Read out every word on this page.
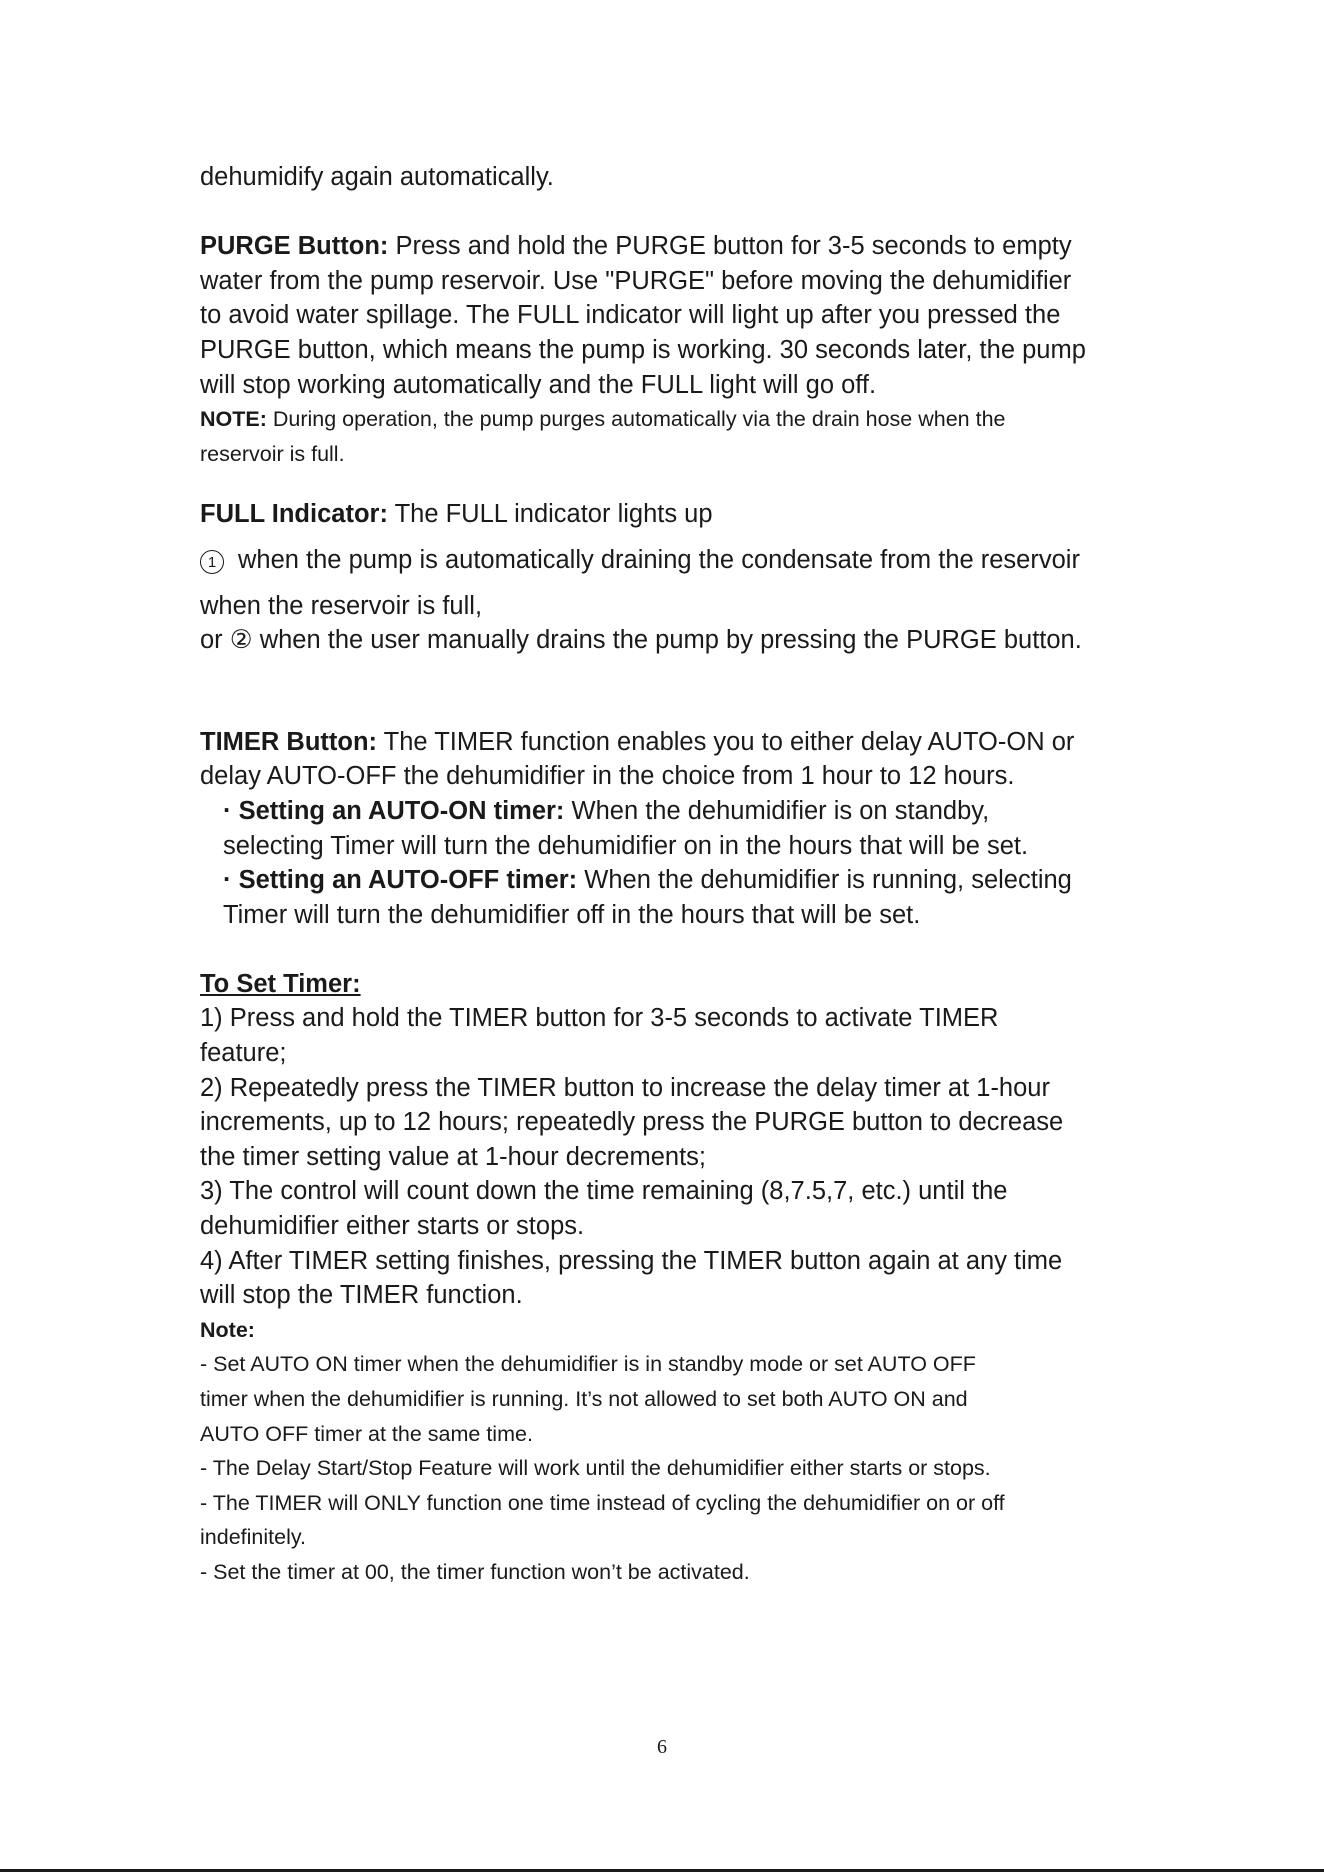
dehumidify again automatically.

PURGE Button: Press and hold the PURGE button for 3-5 seconds to empty

water from the pump reservoir. Use "PURGE" before moving the dehumidifier

to avoid water spillage. The FULL indicator will light up after you pressed the

PURGE button, which means the pump is working. 30 seconds later, the pump

will stop working automatically and the FULL light will go off.

NOTE: During operation, the pump purges automatically via the drain hose when the

reservoir is full.

FULL Indicator: The FULL indicator lights up

1 when the pump is automatically draining the condensate from the reservoir

when the reservoir is full,

or ② when the user manually drains the pump by pressing the PURGE button.

TIMER Button: The TIMER function enables you to either delay AUTO-ON or

delay AUTO-OFF the dehumidifier in the choice from 1 hour to 12 hours.

· Setting an AUTO-ON timer: When the dehumidifier is on standby,

selecting Timer will turn the dehumidifier on in the hours that will be set.

· Setting an AUTO-OFF timer: When the dehumidifier is running, selecting

Timer will turn the dehumidifier off in the hours that will be set.

To Set Timer:

1) Press and hold the TIMER button for 3-5 seconds to activate TIMER

feature;

2) Repeatedly press the TIMER button to increase the delay timer at 1-hour

increments, up to 12 hours; repeatedly press the PURGE button to decrease

the timer setting value at 1-hour decrements;

3) The control will count down the time remaining (8,7.5,7, etc.) until the

dehumidifier either starts or stops.

4) After TIMER setting finishes, pressing the TIMER button again at any time

will stop the TIMER function.

Note:

- Set AUTO ON timer when the dehumidifier is in standby mode or set AUTO OFF

timer when the dehumidifier is running. It’s not allowed to set both AUTO ON and

AUTO OFF timer at the same time.

- The Delay Start/Stop Feature will work until the dehumidifier either starts or stops.

- The TIMER will ONLY function one time instead of cycling the dehumidifier on or off

indefinitely.

- Set the timer at 00, the timer function won’t be activated.

6
